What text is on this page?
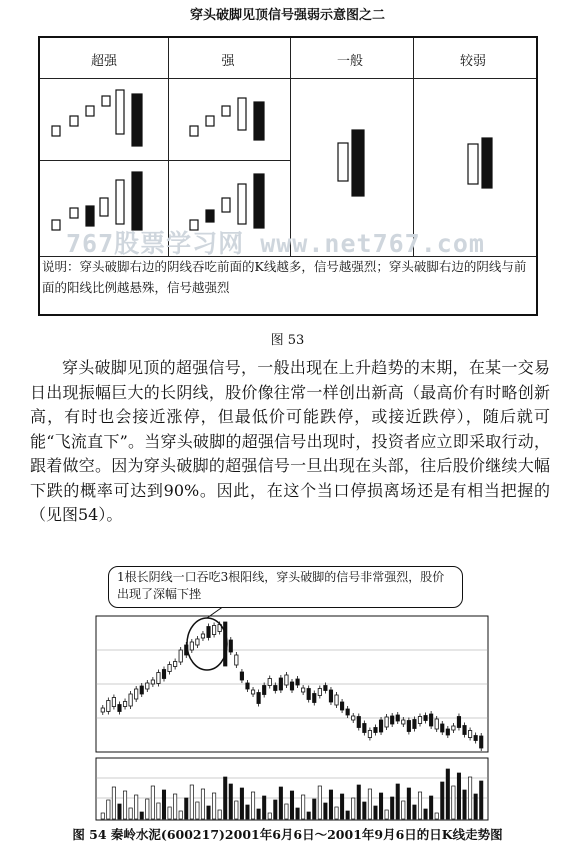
穿头破脚见顶信号强弱示意图之二
超强	强	一般	较弱
767股票学习网 www.net767.com
说明：穿头破脚右边的阴线吞吃前面的K线越多，信号越强烈；穿头破脚右边的阴线与前面的阳线比例越悬殊，信号越强烈
图 53

穿头破脚见顶的超强信号，一般出现在上升趋势的末期，在某一交易日出现振幅巨大的长阴线，股价像往常一样创出新高（最高价有时略创新高，有时也会接近涨停，但最低价可能跌停，或接近跌停），随后就可能“飞流直下”。当穿头破脚的超强信号出现时，投资者应立即采取行动，跟着做空。因为穿头破脚的超强信号一旦出现在头部，往后股价继续大幅下跌的概率可达到90%。因此，在这个当口停损离场还是有相当把握的（见图54）。

1根长阴线一口吞吃3根阳线，穿头破脚的信号非常强烈，股价出现了深幅下挫
图 54 秦岭水泥(600217)2001年6月6日～2001年9月6日的日K线走势图
